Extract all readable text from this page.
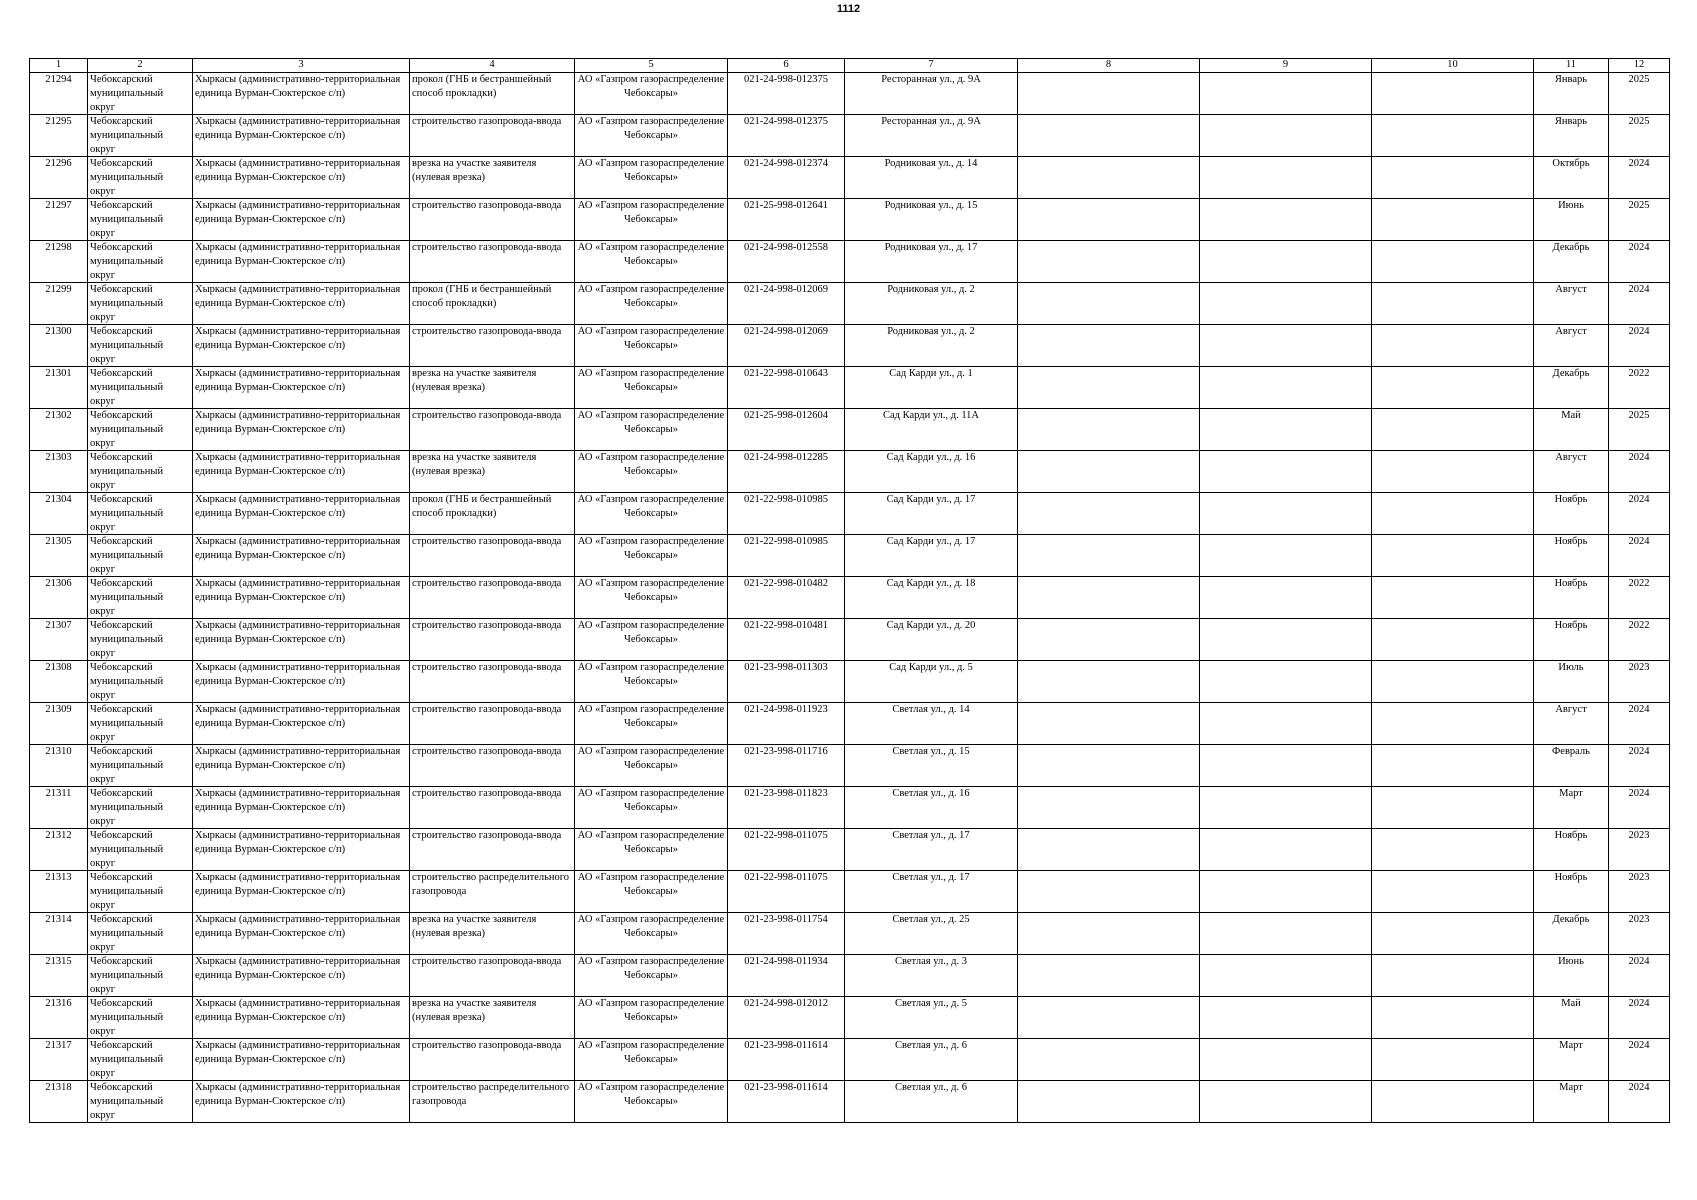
1112
1	2	3	4	5	6	7	8	9	10	11	12

21294	Чебоксарский муниципальный округ	Хыркасы (административно-территориальная единица Вурман-Сюктерское с/п)	прокол (ГНБ и бестраншейный способ прокладки)	АО «Газпром газораспределение Чебоксары»	021-24-998-012375	Ресторанная ул., д. 9А				Январь	2025

21295	Чебоксарский муниципальный округ	Хыркасы (административно-территориальная единица Вурман-Сюктерское с/п)	строительство газопровода-ввода	АО «Газпром газораспределение Чебоксары»	021-24-998-012375	Ресторанная ул., д. 9А				Январь	2025

21296	Чебоксарский муниципальный округ	Хыркасы (административно-территориальная единица Вурман-Сюктерское с/п)	врезка на участке заявителя (нулевая врезка)	АО «Газпром газораспределение Чебоксары»	021-24-998-012374	Родниковая ул., д. 14				Октябрь	2024

21297	Чебоксарский муниципальный округ	Хыркасы (административно-территориальная единица Вурман-Сюктерское с/п)	строительство газопровода-ввода	АО «Газпром газораспределение Чебоксары»	021-25-998-012641	Родниковая ул., д. 15				Июнь	2025

21298	Чебоксарский муниципальный округ	Хыркасы (административно-территориальная единица Вурман-Сюктерское с/п)	строительство газопровода-ввода	АО «Газпром газораспределение Чебоксары»	021-24-998-012558	Родниковая ул., д. 17				Декабрь	2024

21299	Чебоксарский муниципальный округ	Хыркасы (административно-территориальная единица Вурман-Сюктерское с/п)	прокол (ГНБ и бестраншейный способ прокладки)	АО «Газпром газораспределение Чебоксары»	021-24-998-012069	Родниковая ул., д. 2				Август	2024

21300	Чебоксарский муниципальный округ	Хыркасы (административно-территориальная единица Вурман-Сюктерское с/п)	строительство газопровода-ввода	АО «Газпром газораспределение Чебоксары»	021-24-998-012069	Родниковая ул., д. 2				Август	2024

21301	Чебоксарский муниципальный округ	Хыркасы (административно-территориальная единица Вурман-Сюктерское с/п)	врезка на участке заявителя (нулевая врезка)	АО «Газпром газораспределение Чебоксары»	021-22-998-010643	Сад Карди ул., д. 1				Декабрь	2022

21302	Чебоксарский муниципальный округ	Хыркасы (административно-территориальная единица Вурман-Сюктерское с/п)	строительство газопровода-ввода	АО «Газпром газораспределение Чебоксары»	021-25-998-012604	Сад Карди ул., д. 11А				Май	2025

21303	Чебоксарский муниципальный округ	Хыркасы (административно-территориальная единица Вурман-Сюктерское с/п)	врезка на участке заявителя (нулевая врезка)	АО «Газпром газораспределение Чебоксары»	021-24-998-012285	Сад Карди ул., д. 16				Август	2024

21304	Чебоксарский муниципальный округ	Хыркасы (административно-территориальная единица Вурман-Сюктерское с/п)	прокол (ГНБ и бестраншейный способ прокладки)	АО «Газпром газораспределение Чебоксары»	021-22-998-010985	Сад Карди ул., д. 17				Ноябрь	2024

21305	Чебоксарский муниципальный округ	Хыркасы (административно-территориальная единица Вурман-Сюктерское с/п)	строительство газопровода-ввода	АО «Газпром газораспределение Чебоксары»	021-22-998-010985	Сад Карди ул., д. 17				Ноябрь	2024

21306	Чебоксарский муниципальный округ	Хыркасы (административно-территориальная единица Вурман-Сюктерское с/п)	строительство газопровода-ввода	АО «Газпром газораспределение Чебоксары»	021-22-998-010482	Сад Карди ул., д. 18				Ноябрь	2022

21307	Чебоксарский муниципальный округ	Хыркасы (административно-территориальная единица Вурман-Сюктерское с/п)	строительство газопровода-ввода	АО «Газпром газораспределение Чебоксары»	021-22-998-010481	Сад Карди ул., д. 20				Ноябрь	2022

21308	Чебоксарский муниципальный округ	Хыркасы (административно-территориальная единица Вурман-Сюктерское с/п)	строительство газопровода-ввода	АО «Газпром газораспределение Чебоксары»	021-23-998-011303	Сад Карди ул., д. 5				Июль	2023

21309	Чебоксарский муниципальный округ	Хыркасы (административно-территориальная единица Вурман-Сюктерское с/п)	строительство газопровода-ввода	АО «Газпром газораспределение Чебоксары»	021-24-998-011923	Светлая ул., д. 14				Август	2024

21310	Чебоксарский муниципальный округ	Хыркасы (административно-территориальная единица Вурман-Сюктерское с/п)	строительство газопровода-ввода	АО «Газпром газораспределение Чебоксары»	021-23-998-011716	Светлая ул., д. 15				Февраль	2024

21311	Чебоксарский муниципальный округ	Хыркасы (административно-территориальная единица Вурман-Сюктерское с/п)	строительство газопровода-ввода	АО «Газпром газораспределение Чебоксары»	021-23-998-011823	Светлая ул., д. 16				Март	2024

21312	Чебоксарский муниципальный округ	Хыркасы (административно-территориальная единица Вурман-Сюктерское с/п)	строительство газопровода-ввода	АО «Газпром газораспределение Чебоксары»	021-22-998-011075	Светлая ул., д. 17				Ноябрь	2023

21313	Чебоксарский муниципальный округ	Хыркасы (административно-территориальная единица Вурман-Сюктерское с/п)	строительство распределительного газопровода	АО «Газпром газораспределение Чебоксары»	021-22-998-011075	Светлая ул., д. 17				Ноябрь	2023

21314	Чебоксарский муниципальный округ	Хыркасы (административно-территориальная единица Вурман-Сюктерское с/п)	врезка на участке заявителя (нулевая врезка)	АО «Газпром газораспределение Чебоксары»	021-23-998-011754	Светлая ул., д. 25				Декабрь	2023

21315	Чебоксарский муниципальный округ	Хыркасы (административно-территориальная единица Вурман-Сюктерское с/п)	строительство газопровода-ввода	АО «Газпром газораспределение Чебоксары»	021-24-998-011934	Светлая ул., д. 3				Июнь	2024

21316	Чебоксарский муниципальный округ	Хыркасы (административно-территориальная единица Вурман-Сюктерское с/п)	врезка на участке заявителя (нулевая врезка)	АО «Газпром газораспределение Чебоксары»	021-24-998-012012	Светлая ул., д. 5				Май	2024

21317	Чебоксарский муниципальный округ	Хыркасы (административно-территориальная единица Вурман-Сюктерское с/п)	строительство газопровода-ввода	АО «Газпром газораспределение Чебоксары»	021-23-998-011614	Светлая ул., д. 6				Март	2024

21318	Чебоксарский муниципальный округ	Хыркасы (административно-территориальная единица Вурман-Сюктерское с/п)	строительство распределительного газопровода	АО «Газпром газораспределение Чебоксары»	021-23-998-011614	Светлая ул., д. 6				Март	2024
